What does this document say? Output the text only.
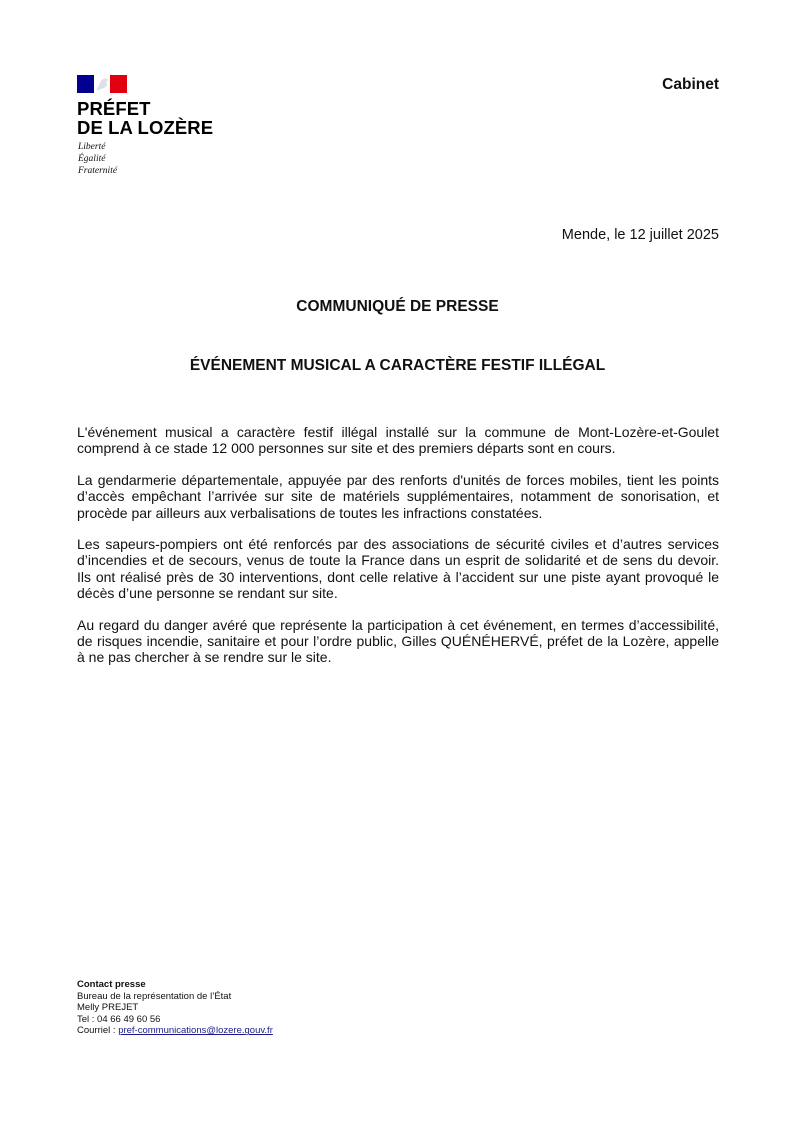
PRÉFET
DE LA LOZÈRE
Liberté
Égalité
Fraternité
Cabinet
Mende, le 12 juillet 2025
COMMUNIQUÉ DE PRESSE
ÉVÉNEMENT MUSICAL A CARACTÈRE FESTIF ILLÉGAL

L'événement musical a caractère festif illégal installé sur la commune de Mont-Lozère-et-Goulet comprend à ce stade 12 000 personnes sur site et des premiers départs sont en cours.

La gendarmerie départementale, appuyée par des renforts d'unités de forces mobiles, tient les points d’accès empêchant l’arrivée sur site de matériels supplémentaires, notamment de sonorisation, et procède par ailleurs aux verbalisations de toutes les infractions constatées.

Les sapeurs-pompiers ont été renforcés par des associations de sécurité civiles et d’autres services d’incendies et de secours, venus de toute la France dans un esprit de solidarité et de sens du devoir. Ils ont réalisé près de 30 interventions, dont celle relative à l’accident sur une piste ayant provoqué le décès d’une personne se rendant sur site.

Au regard du danger avéré que représente la participation à cet événement, en termes d’accessibilité, de risques incendie, sanitaire et pour l’ordre public, Gilles QUÉNÉHERVÉ, préfet de la Lozère, appelle à ne pas chercher à se rendre sur le site.

Contact presse
Bureau de la représentation de l’État
Melly PREJET
Tel : 04 66 49 60 56
Courriel : pref-communications@lozere.gouv.fr
